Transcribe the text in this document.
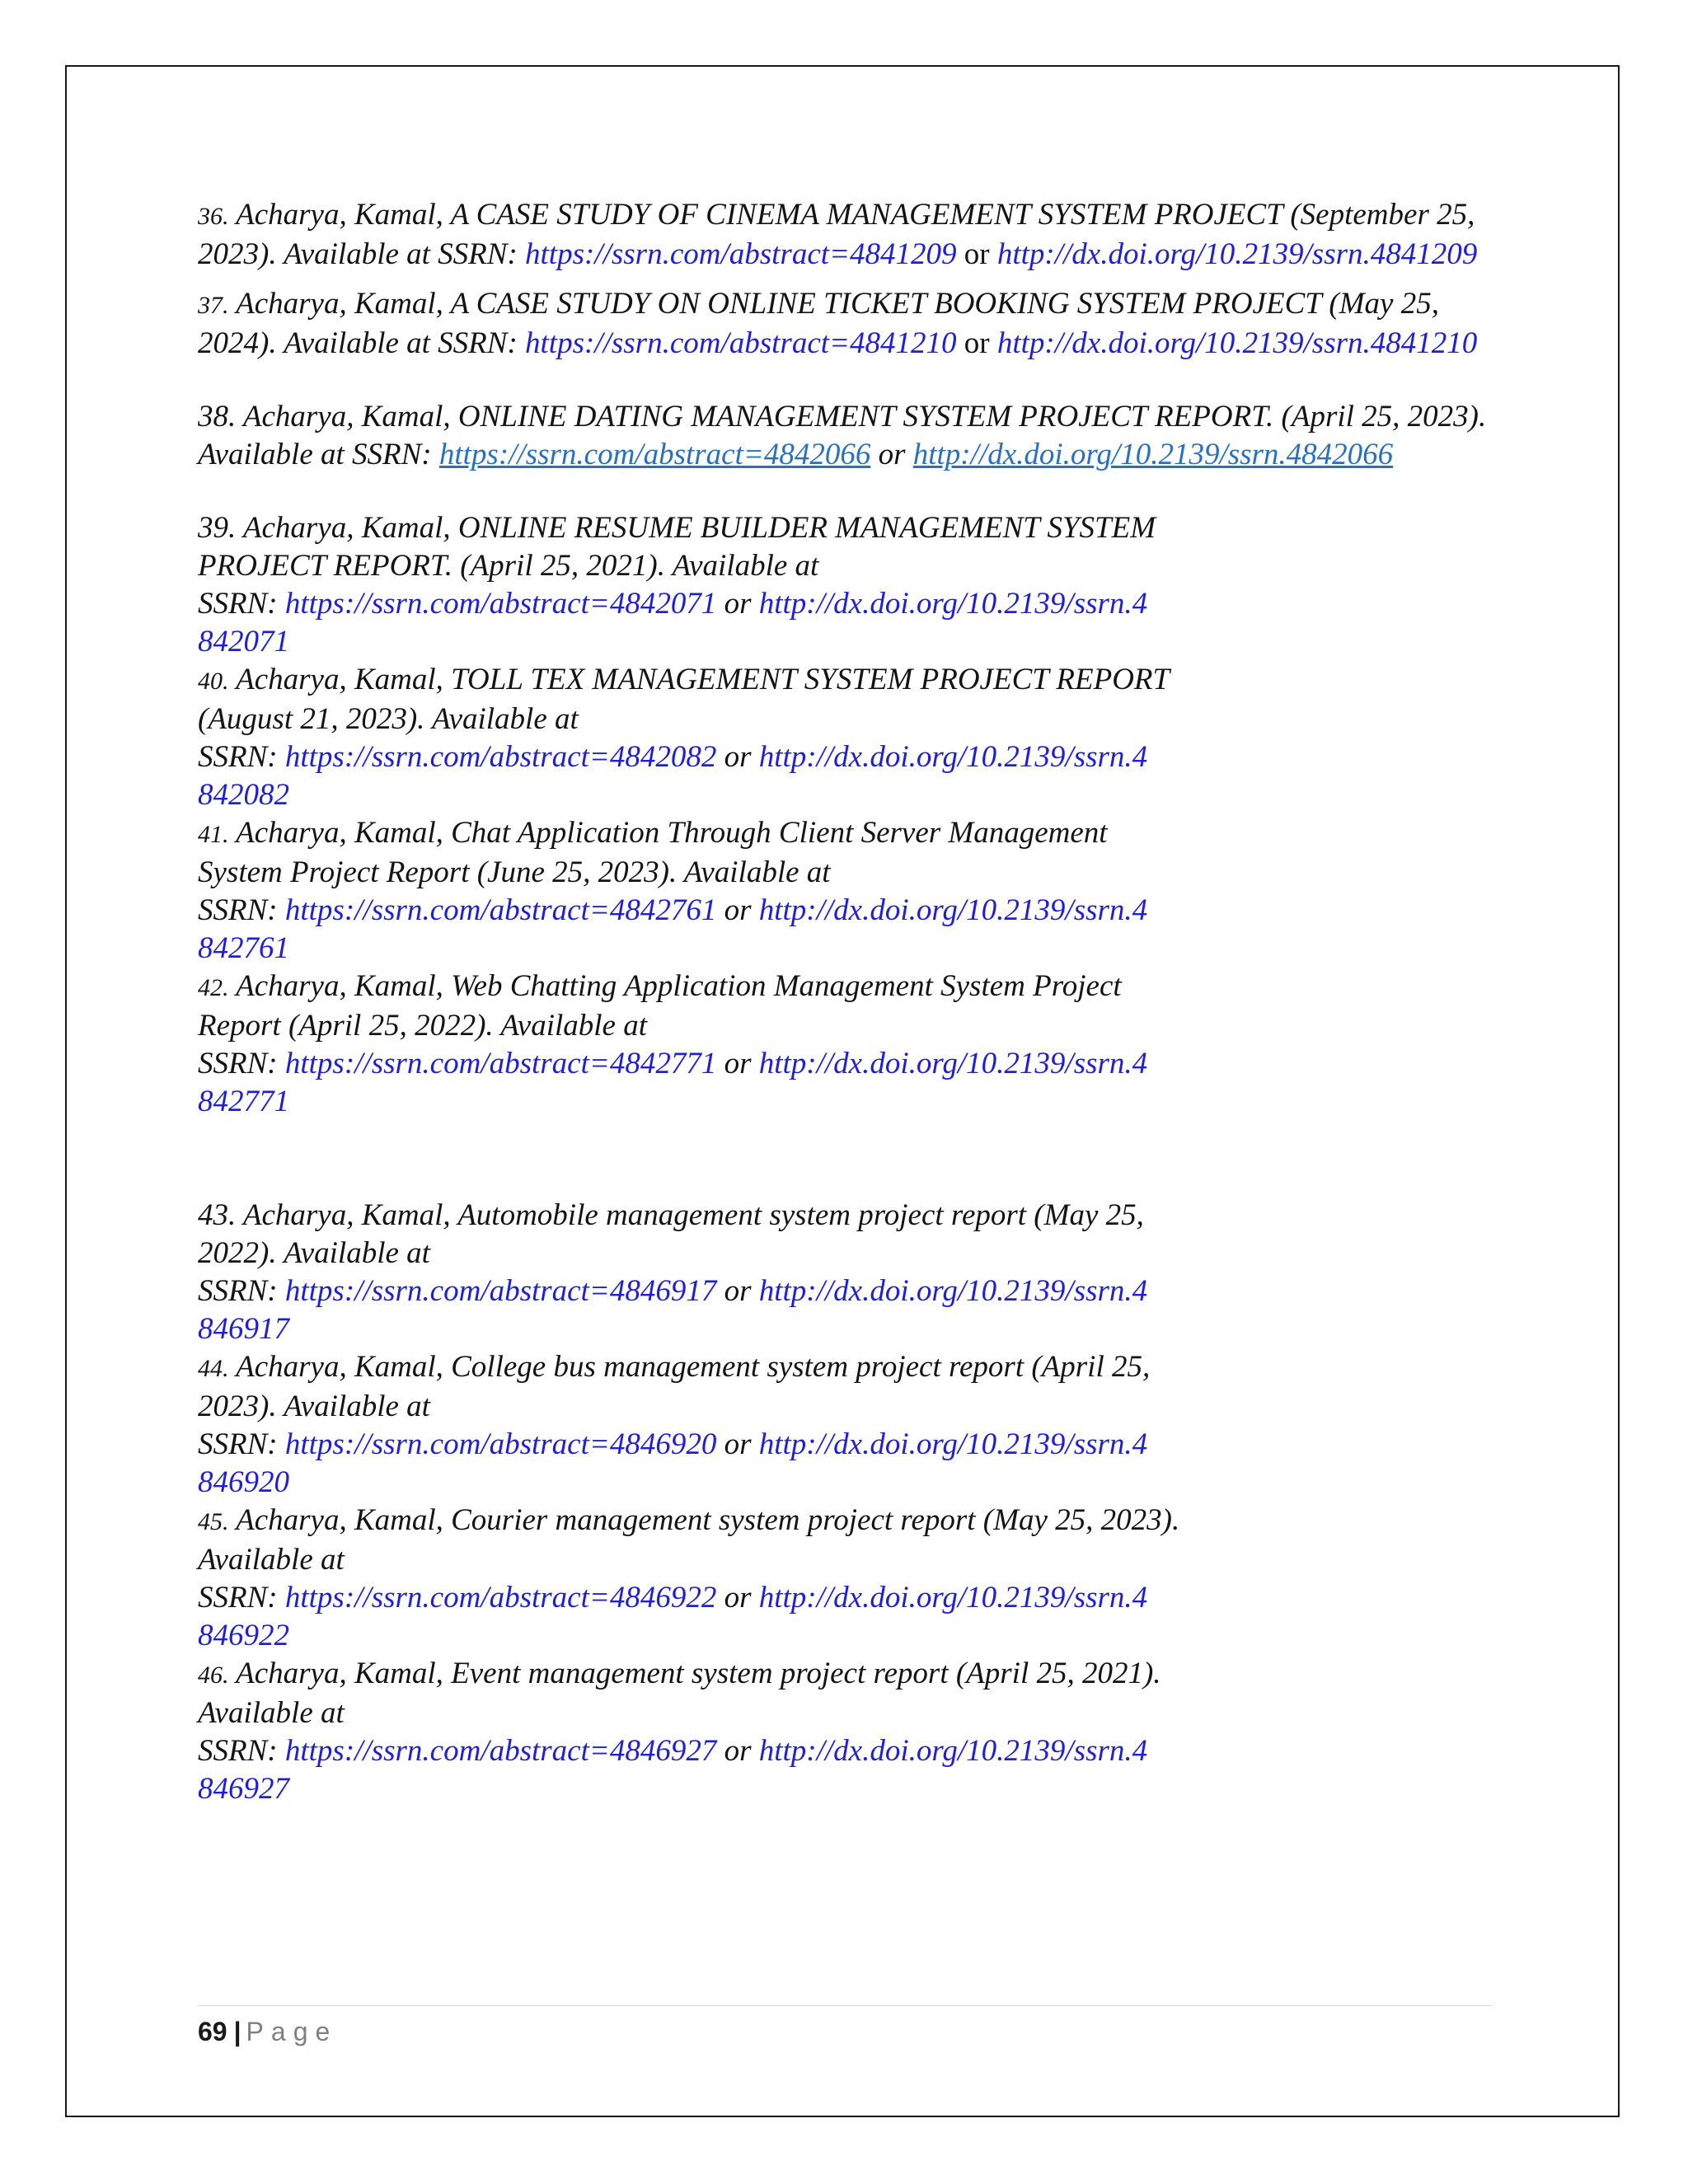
36. Acharya, Kamal, A CASE STUDY OF CINEMA MANAGEMENT SYSTEM PROJECT (September 25, 2023). Available at SSRN: https://ssrn.com/abstract=4841209 or http://dx.doi.org/10.2139/ssrn.4841209

37. Acharya, Kamal, A CASE STUDY ON ONLINE TICKET BOOKING SYSTEM PROJECT (May 25, 2024). Available at SSRN: https://ssrn.com/abstract=4841210 or http://dx.doi.org/10.2139/ssrn.4841210

38. Acharya, Kamal, ONLINE DATING MANAGEMENT SYSTEM PROJECT REPORT. (April 25, 2023). Available at SSRN: https://ssrn.com/abstract=4842066 or http://dx.doi.org/10.2139/ssrn.4842066

39. Acharya, Kamal, ONLINE RESUME BUILDER MANAGEMENT SYSTEM
PROJECT REPORT. (April 25, 2021). Available at
SSRN: https://ssrn.com/abstract=4842071 or http://dx.doi.org/10.2139/ssrn.4
842071

40. Acharya, Kamal, TOLL TEX MANAGEMENT SYSTEM PROJECT REPORT
(August 21, 2023). Available at
SSRN: https://ssrn.com/abstract=4842082 or http://dx.doi.org/10.2139/ssrn.4
842082

41. Acharya, Kamal, Chat Application Through Client Server Management
System Project Report (June 25, 2023). Available at
SSRN: https://ssrn.com/abstract=4842761 or http://dx.doi.org/10.2139/ssrn.4
842761

42. Acharya, Kamal, Web Chatting Application Management System Project
Report (April 25, 2022). Available at
SSRN: https://ssrn.com/abstract=4842771 or http://dx.doi.org/10.2139/ssrn.4
842771

43. Acharya, Kamal, Automobile management system project report (May 25,
2022). Available at
SSRN: https://ssrn.com/abstract=4846917 or http://dx.doi.org/10.2139/ssrn.4
846917

44. Acharya, Kamal, College bus management system project report (April 25,
2023). Available at
SSRN: https://ssrn.com/abstract=4846920 or http://dx.doi.org/10.2139/ssrn.4
846920

45. Acharya, Kamal, Courier management system project report (May 25, 2023).
Available at
SSRN: https://ssrn.com/abstract=4846922 or http://dx.doi.org/10.2139/ssrn.4
846922

46. Acharya, Kamal, Event management system project report (April 25, 2021).
Available at
SSRN: https://ssrn.com/abstract=4846927 or http://dx.doi.org/10.2139/ssrn.4
846927

69 | Page
